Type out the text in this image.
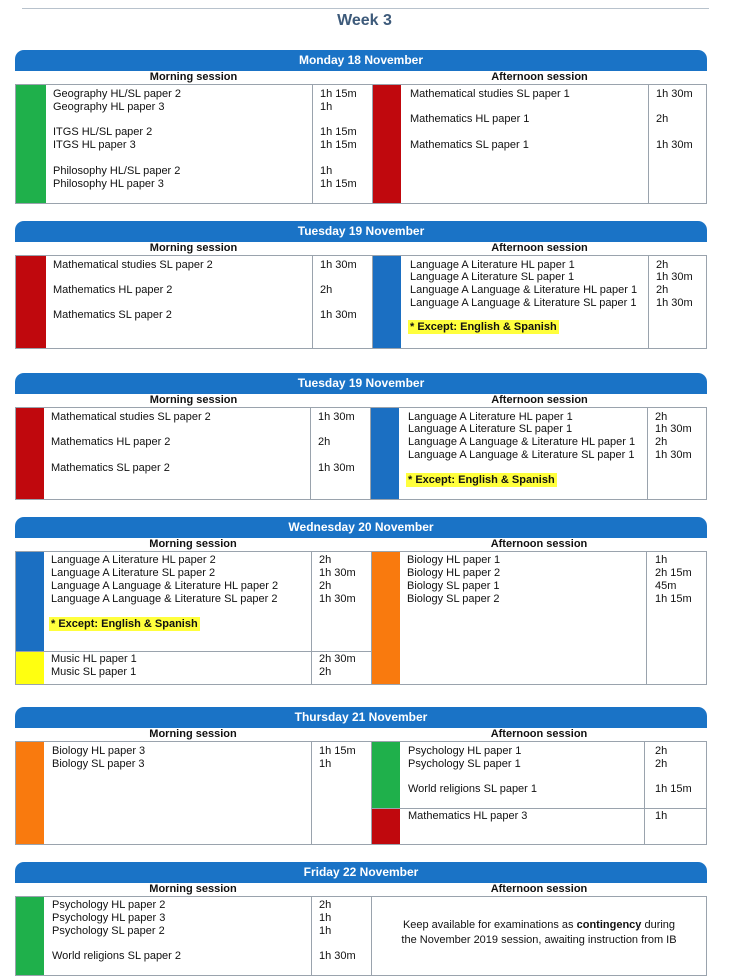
Week 3
Monday 18 November
Morning session	Afternoon session
Geography HL/SL paper 2	1h 15m
Geography HL paper 3	1h
ITGS HL/SL paper 2	1h 15m
ITGS HL paper 3	1h 15m
Philosophy HL/SL paper 2	1h
Philosophy HL paper 3	1h 15m
Mathematical studies SL paper 1	1h 30m
Mathematics HL paper 1	2h
Mathematics SL paper 1	1h 30m
Tuesday 19 November
Morning session	Afternoon session
Mathematical studies SL paper 2	1h 30m
Mathematics HL paper 2	2h
Mathematics SL paper 2	1h 30m
Language A Literature HL paper 1	2h
Language A Literature SL paper 1	1h 30m
Language A Language & Literature HL paper 1 2h
Language A Language & Literature SL paper 1 1h 30m
* Except: English & Spanish
Tuesday 19 November
Morning session	Afternoon session
Mathematical studies SL paper 2	1h 30m
Mathematics HL paper 2	2h
Mathematics SL paper 2	1h 30m
Language A Literature HL paper 1	2h
Language A Literature SL paper 1	1h 30m
Language A Language & Literature HL paper 1 2h
Language A Language & Literature SL paper 1 1h 30m
* Except: English & Spanish
Wednesday 20 November
Morning session	Afternoon session
Language A Literature HL paper 2	2h
Language A Literature SL paper 2	1h 30m
Language A Language & Literature HL paper 2	2h
Language A Language & Literature SL paper 2	1h 30m
* Except: English & Spanish
Music HL paper 1	2h 30m
Music SL paper 1	2h
Biology HL paper 1	1h
Biology HL paper 2	2h 15m
Biology SL paper 1	45m
Biology SL paper 2	1h 15m
Thursday 21 November
Morning session	Afternoon session
Biology HL paper 3	1h 15m
Biology SL paper 3	1h
Psychology HL paper 1	2h
Psychology SL paper 1	2h
World religions SL paper 1	1h 15m
Mathematics HL paper 3	1h
Friday 22 November
Morning session	Afternoon session
Psychology HL paper 2	2h
Psychology HL paper 3	1h
Psychology SL paper 2	1h
World religions SL paper 2	1h 30m
Keep available for examinations as contingency during
the November 2019 session, awaiting instruction from IB
